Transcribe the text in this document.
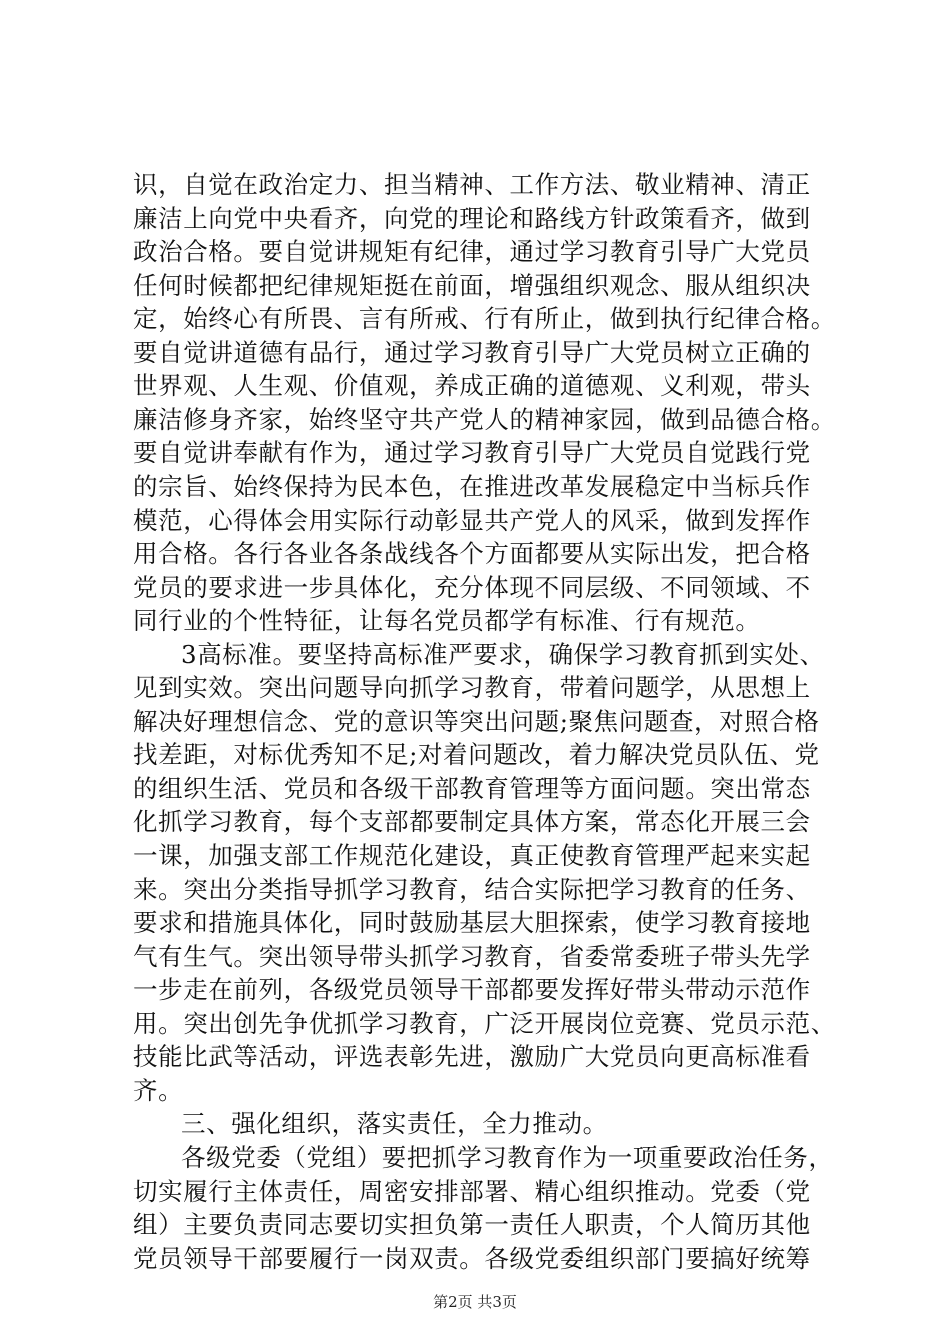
识，自觉在政治定力、担当精神、工作方法、敬业精神、清正
廉洁上向党中央看齐，向党的理论和路线方针政策看齐，做到
政治合格。要自觉讲规矩有纪律，通过学习教育引导广大党员
任何时候都把纪律规矩挺在前面，增强组织观念、服从组织决
定，始终心有所畏、言有所戒、行有所止，做到执行纪律合格。
要自觉讲道德有品行，通过学习教育引导广大党员树立正确的
世界观、人生观、价值观，养成正确的道德观、义利观，带头
廉洁修身齐家，始终坚守共产党人的精神家园，做到品德合格。
要自觉讲奉献有作为，通过学习教育引导广大党员自觉践行党
的宗旨、始终保持为民本色，在推进改革发展稳定中当标兵作
模范，心得体会用实际行动彰显共产党人的风采，做到发挥作
用合格。各行各业各条战线各个方面都要从实际出发，把合格
党员的要求进一步具体化，充分体现不同层级、不同领域、不
同行业的个性特征，让每名党员都学有标准、行有规范。
3高标准。要坚持高标准严要求，确保学习教育抓到实处、
见到实效。突出问题导向抓学习教育，带着问题学，从思想上
解决好理想信念、党的意识等突出问题;聚焦问题查，对照合格
找差距，对标优秀知不足;对着问题改，着力解决党员队伍、党
的组织生活、党员和各级干部教育管理等方面问题。突出常态
化抓学习教育，每个支部都要制定具体方案，常态化开展三会
一课，加强支部工作规范化建设，真正使教育管理严起来实起
来。突出分类指导抓学习教育，结合实际把学习教育的任务、
要求和措施具体化，同时鼓励基层大胆探索，使学习教育接地
气有生气。突出领导带头抓学习教育，省委常委班子带头先学
一步走在前列，各级党员领导干部都要发挥好带头带动示范作
用。突出创先争优抓学习教育，广泛开展岗位竞赛、党员示范、
技能比武等活动，评选表彰先进，激励广大党员向更高标准看
齐。
三、强化组织，落实责任，全力推动。
各级党委（党组）要把抓学习教育作为一项重要政治任务，
切实履行主体责任，周密安排部署、精心组织推动。党委（党
组）主要负责同志要切实担负第一责任人职责，个人简历其他
党员领导干部要履行一岗双责。各级党委组织部门要搞好统筹
第2页 共3页
